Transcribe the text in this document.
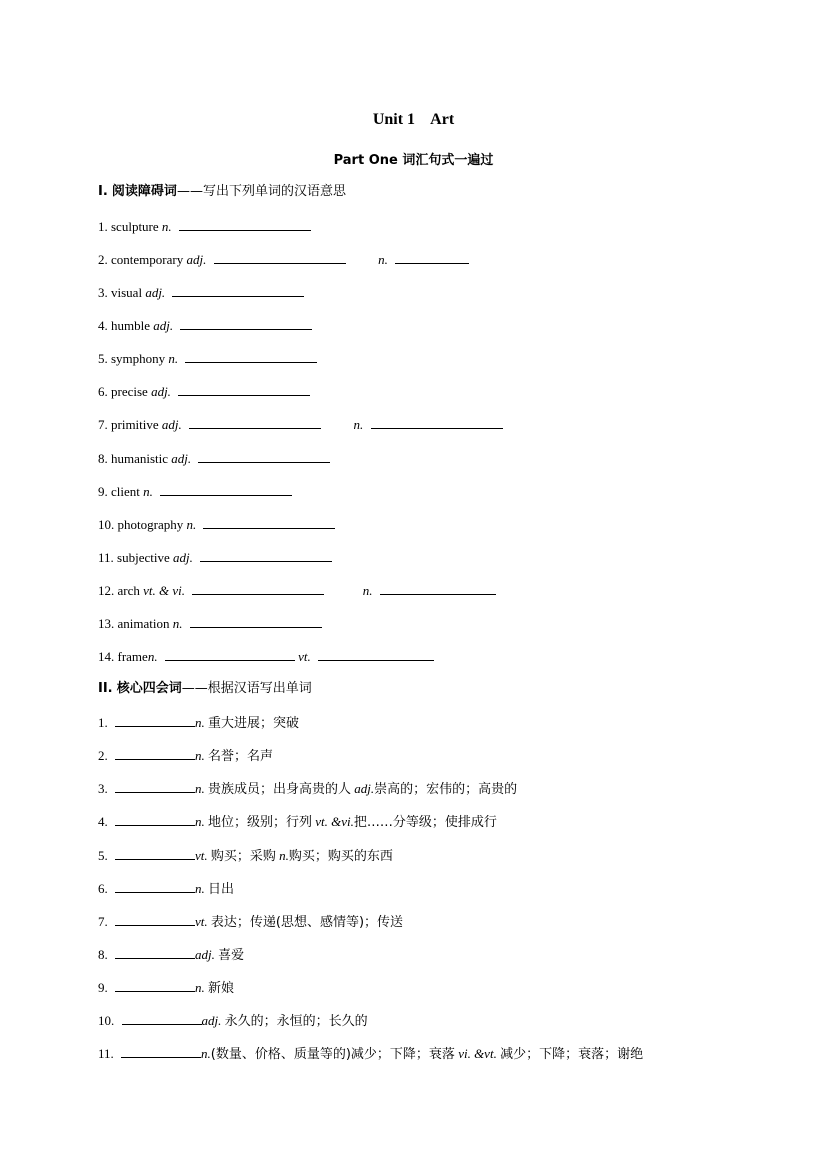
Unit 1    Art
Part One 词汇句式一遍过
I. 阅读障碍词——写出下列单词的汉语意思
1. sculpture n.
2. contemporary adj.	n.
3. visual adj.
4. humble adj.
5. symphony n.
6. precise adj.
7. primitive adj.	n.
8. humanistic adj.
9. client n.
10. photography n.
11. subjective adj.
12. arch vt. & vi.	n.
13. animation n.
14. framen.	vt.
II. 核心四会词——根据汉语写出单词
1.	n. 重大进展；突破
2.	n. 名誉；名声
3.	n. 贵族成员；出身高贵的人 adj.崇高的；宏伟的；高贵的
4.	n. 地位；级别；行列 vt. &vi.把……分等级；使排成行
5.	vt. 购买；采购 n.购买；购买的东西
6.	n. 日出
7.	vt. 表达；传递(思想、感情等)；传送
8.	adj. 喜爱
9.	n. 新娘
10.	adj. 永久的；永恒的；长久的
11.	n.(数量、价格、质量等的)减少；下降；衰落 vi. &vt. 减少；下降；衰落；谢绝
